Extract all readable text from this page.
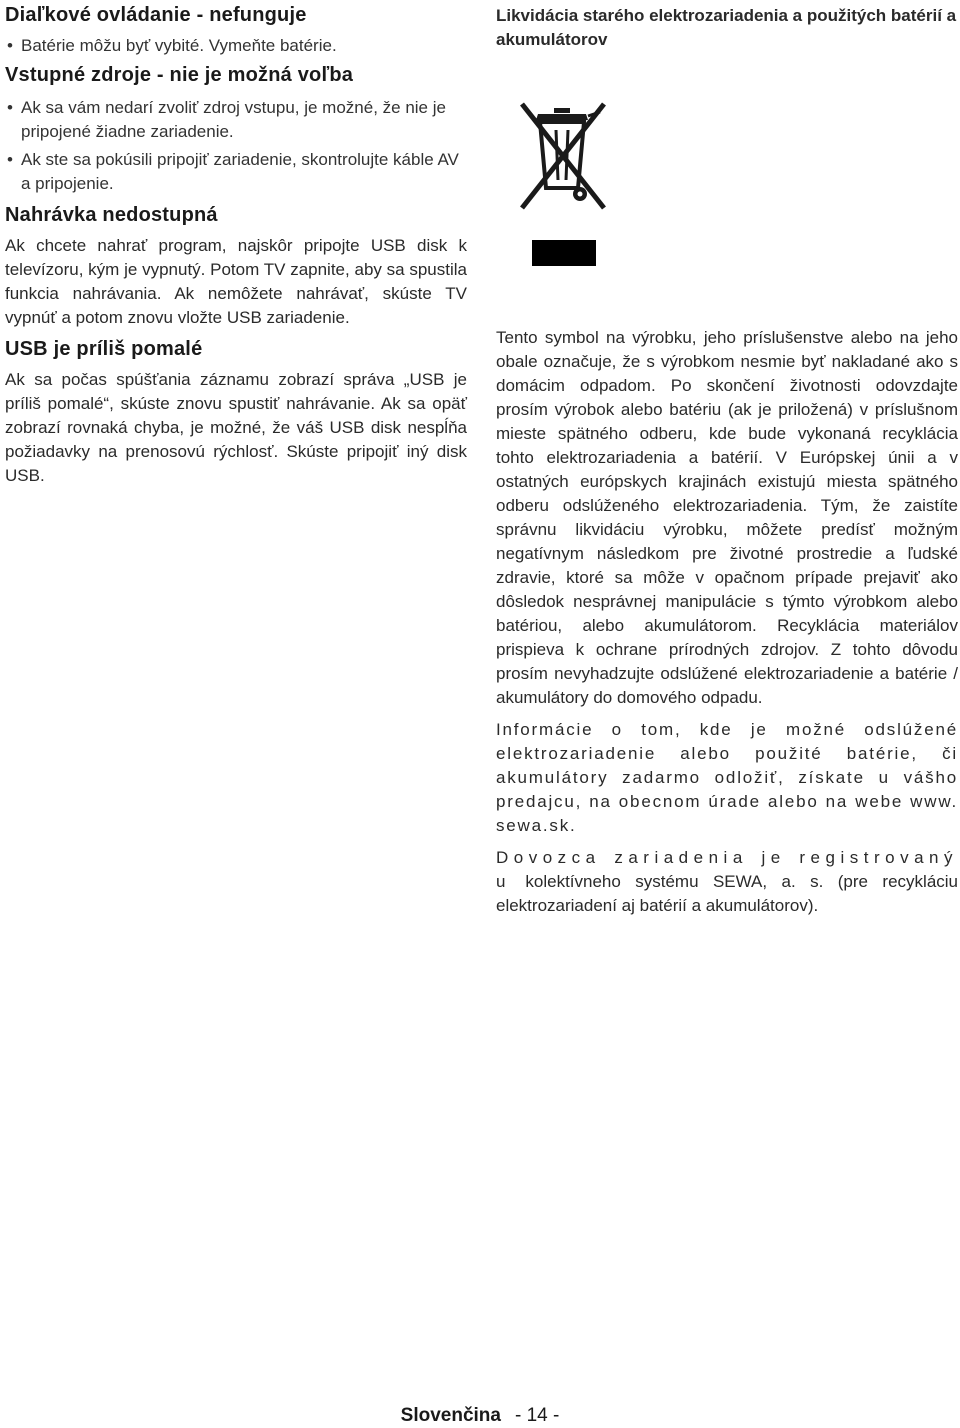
Diaľkové ovládanie - nefunguje
• Batérie môžu byť vybité. Vymeňte batérie.
Vstupné zdroje - nie je možná voľba
• Ak sa vám nedarí zvoliť zdroj vstupu, je možné, že nie je pripojené žiadne zariadenie.
• Ak ste sa pokúsili pripojiť zariadenie, skontrolujte káble AV a pripojenie.
Nahrávka nedostupná

Ak chcete nahrať program, najskôr pripojte USB disk k televízoru, kým je vypnutý. Potom TV zapnite, aby sa spustila funkcia nahrávania. Ak nemôžete nahrávať, skúste TV vypnúť a potom znovu vložte USB zariadenie.

USB je príliš pomalé

Ak sa počas spúšťania záznamu zobrazí správa „USB je príliš pomalé“, skúste znovu spustiť nahrávanie. Ak sa opäť zobrazí rovnaká chyba, je možné, že váš USB disk nespĺňa požiadavky na prenosovú rýchlosť. Skúste pripojiť iný disk USB.

Likvidácia starého elektrozariadenia a použitých batérií a akumulátorov

Tento symbol na výrobku, jeho príslušenstve alebo na jeho obale označuje, že s výrobkom nesmie byť nakladané ako s domácim odpadom. Po skončení životnosti odovzdajte prosím výrobok alebo batériu (ak je priložená) v príslušnom mieste spätného odberu, kde bude vykonaná recyklácia tohto elektrozariadenia a batérií. V Európskej únii a v ostatných európskych krajinách existujú miesta spätného odberu odslúženého elektrozariadenia. Tým, že zaistíte správnu likvidáciu výrobku, môžete predísť možným negatívnym následkom pre životné prostredie a ľudské zdravie, ktoré sa môže v opačnom prípade prejaviť ako dôsledok nesprávnej manipulácie s týmto výrobkom alebo batériou, alebo akumulátorom. Recyklácia materiálov prispieva k ochrane prírodných zdrojov. Z tohto dôvodu prosím nevyhadzujte odslúžené elektrozariadenie a batérie / akumulátory do domového odpadu.

Informácie o tom, kde je možné odslúžené elektrozariadenie alebo použité batérie, či akumulátory zadarmo odložiť, získate u vášho predajcu, na obecnom úrade alebo na webe www. sewa.sk.

Dovozca zariadenia je registrovaný u kolektívneho systému SEWA, a. s. (pre recykláciu elektrozariadení aj batérií a akumulátorov).

Slovenčina - 14 -
